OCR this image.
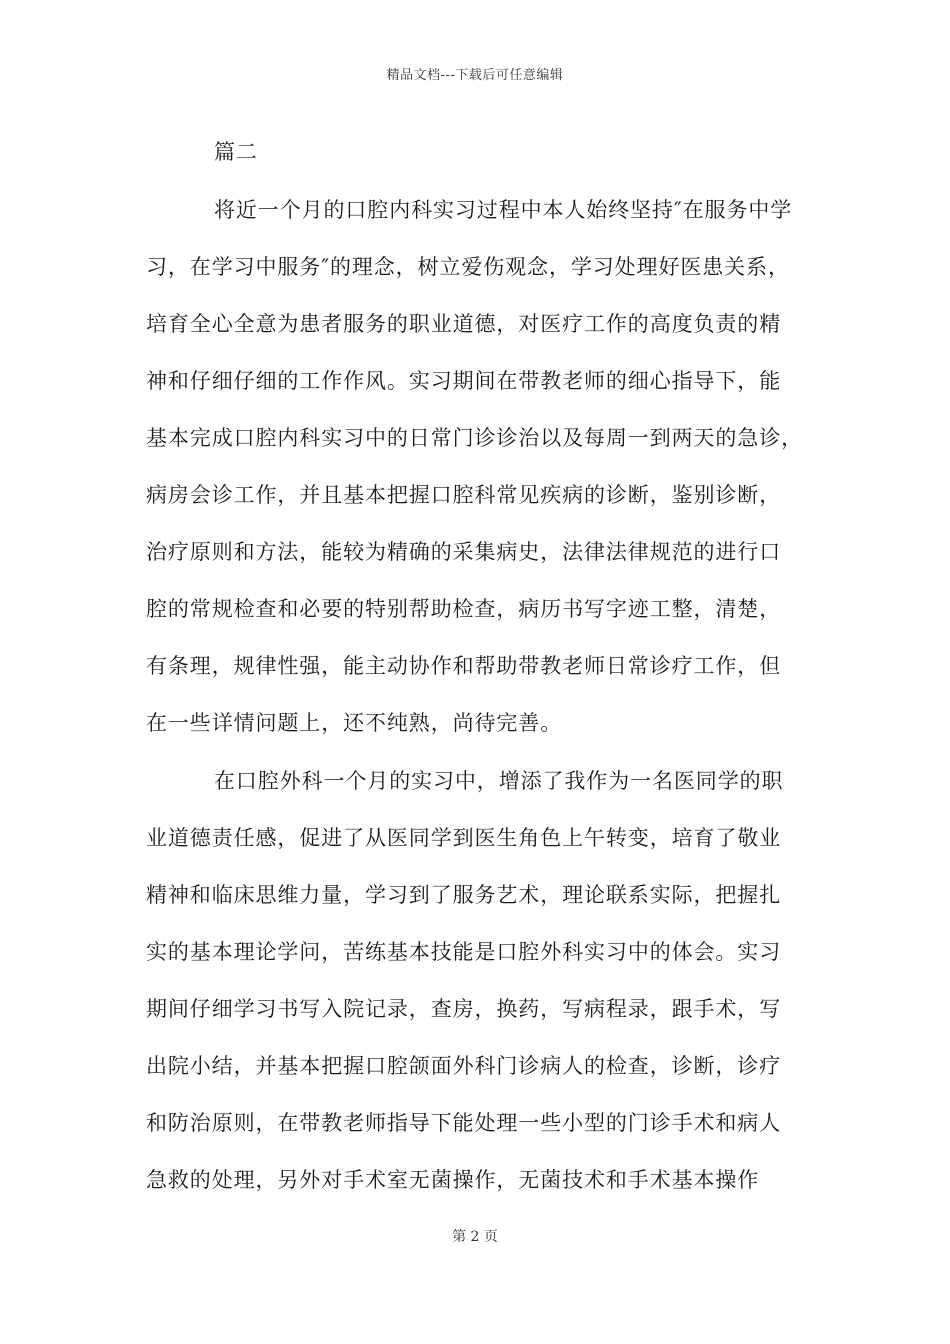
精品文档---下载后可任意编辑
篇二
将近一个月的口腔内科实习过程中本人始终坚持″在服务中学
习，在学习中服务″的理念，树立爱伤观念，学习处理好医患关系，
培育全心全意为患者服务的职业道德，对医疗工作的高度负责的精
神和仔细仔细的工作作风。实习期间在带教老师的细心指导下，能
基本完成口腔内科实习中的日常门诊诊治以及每周一到两天的急诊，
病房会诊工作，并且基本把握口腔科常见疾病的诊断，鉴别诊断，
治疗原则和方法，能较为精确的采集病史，法律法律规范的进行口
腔的常规检查和必要的特别帮助检查，病历书写字迹工整，清楚，
有条理，规律性强，能主动协作和帮助带教老师日常诊疗工作，但
在一些详情问题上，还不纯熟，尚待完善。
在口腔外科一个月的实习中，增添了我作为一名医同学的职
业道德责任感，促进了从医同学到医生角色上午转变，培育了敬业
精神和临床思维力量，学习到了服务艺术，理论联系实际，把握扎
实的基本理论学问，苦练基本技能是口腔外科实习中的体会。实习
期间仔细学习书写入院记录，查房，换药，写病程录，跟手术，写
出院小结，并基本把握口腔颌面外科门诊病人的检查，诊断，诊疗
和防治原则，在带教老师指导下能处理一些小型的门诊手术和病人
急救的处理，另外对手术室无菌操作，无菌技术和手术基本操作
第 2 页
